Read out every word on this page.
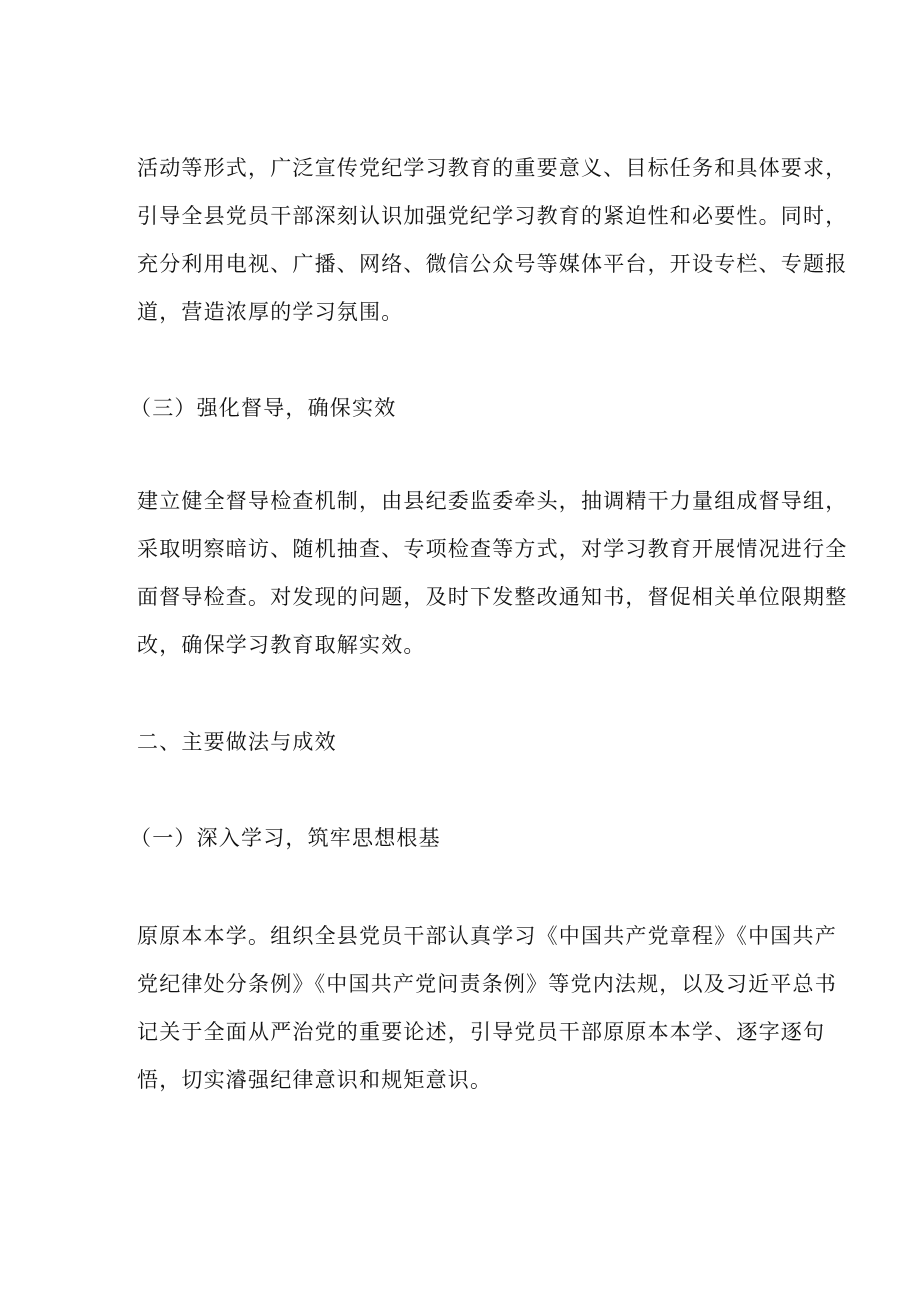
活动等形式，广泛宣传党纪学习教育的重要意义、目标任务和具体要求，
引导全县党员干部深刻认识加强党纪学习教育的紧迫性和必要性。同时，
充分利用电视、广播、网络、微信公众号等媒体平台，开设专栏、专题报
道，营造浓厚的学习氛围。
（三）强化督导，确保实效
建立健全督导检查机制，由县纪委监委牵头，抽调精干力量组成督导组，
采取明察暗访、随机抽查、专项检查等方式，对学习教育开展情况进行全
面督导检查。对发现的问题，及时下发整改通知书，督促相关单位限期整
改，确保学习教育取解实效。
二、主要做法与成效
（一）深入学习，筑牢思想根基
原原本本学。组织全县党员干部认真学习《中国共产党章程》《中国共产
党纪律处分条例》《中国共产党问责条例》等党内法规，以及习近平总书
记关于全面从严治党的重要论述，引导党员干部原原本本学、逐字逐句
悟，切实濬强纪律意识和规矩意识。
